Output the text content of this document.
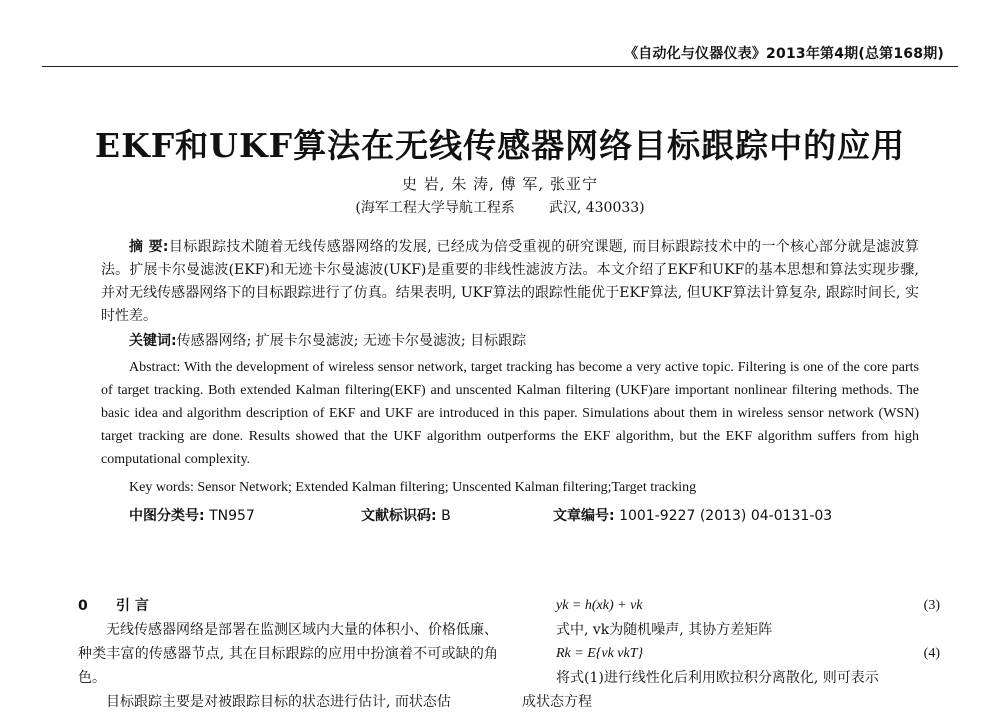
《自动化与仪器仪表》2013年第4期(总第168期)
EKF和UKF算法在无线传感器网络目标跟踪中的应用
史 岩, 朱 涛, 傅 军, 张亚宁
(海军工程大学导航工程系 武汉, 430033)
摘 要:目标跟踪技术随着无线传感器网络的发展, 已经成为倍受重视的研究课题, 而目标跟踪技术中的一个核心部分就是滤波算法。扩展卡尔曼滤波(EKF)和无迹卡尔曼滤波(UKF)是重要的非线性滤波方法。本文介绍了EKF和UKF的基本思想和算法实现步骤, 并对无线传感器网络下的目标跟踪进行了仿真。结果表明, UKF算法的跟踪性能优于EKF算法, 但UKF算法计算复杂, 跟踪时间长, 实时性差。
关键词:传感器网络; 扩展卡尔曼滤波; 无迹卡尔曼滤波; 目标跟踪
Abstract: With the development of wireless sensor network, target tracking has become a very active topic. Filtering is one of the core parts of target tracking. Both extended Kalman filtering(EKF) and unscented Kalman filtering (UKF)are important nonlinear filtering methods. The basic idea and algorithm description of EKF and UKF are introduced in this paper. Simulations about them in wireless sensor network (WSN) target tracking are done. Results showed that the UKF algorithm outperforms the EKF algorithm, but the EKF algorithm suffers from high computational complexity.
Key words: Sensor Network; Extended Kalman filtering; Unscented Kalman filtering;Target tracking
中图分类号: TN957	文献标识码: B	文章编号: 1001-9227 (2013) 04-0131-03
0 引 言
无线传感器网络是部署在监测区域内大量的体积小、价格低廉、种类丰富的传感器节点, 其在目标跟踪的应用中扮演着不可或缺的角色。
目标跟踪主要是对被跟踪目标的状态进行估计, 而状态估
yk = h(xk) + vk	(3)
式中, vk为随机噪声, 其协方差矩阵
Rk = E{vk vkT}	(4)
将式(1)进行线性化后利用欧拉积分离散化, 则可表示
成状态方程
